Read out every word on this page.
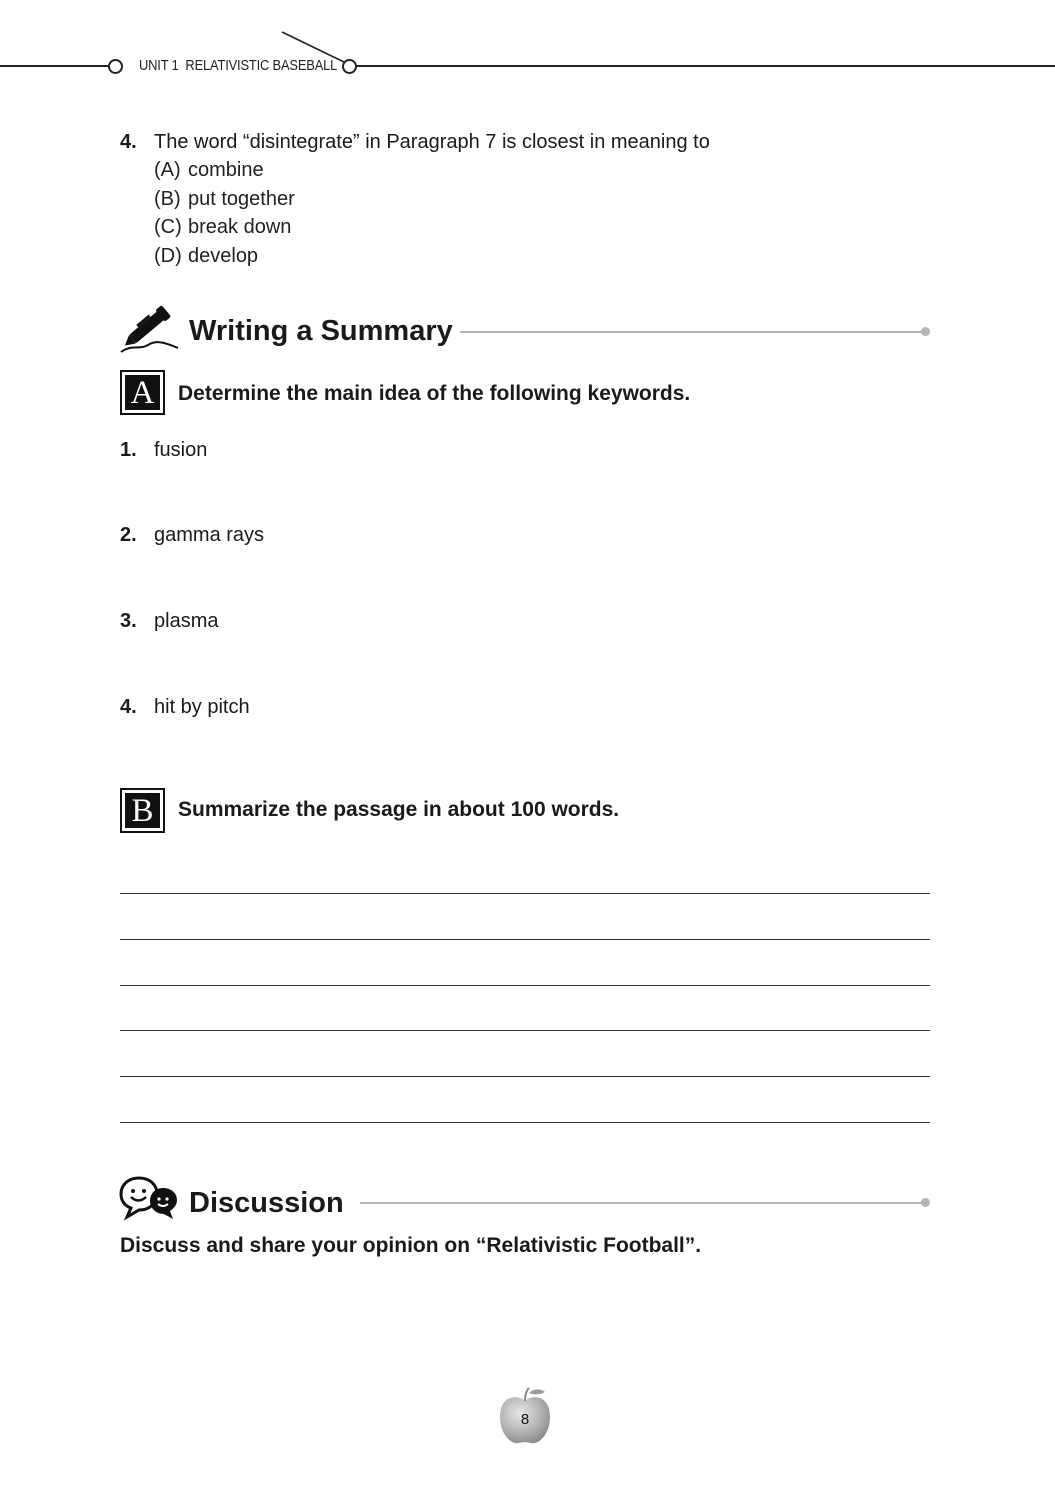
UNIT 1 RELATIVISTIC BASEBALL
4. The word “disintegrate” in Paragraph 7 is closest in meaning to
(A) combine
(B) put together
(C) break down
(D) develop
Writing a Summary
A Determine the main idea of the following keywords.
1. fusion
2. gamma rays
3. plasma
4. hit by pitch
B	Summarize the passage in about 100 words.
Discussion
Discuss and share your opinion on “Relativistic Football”.
8
